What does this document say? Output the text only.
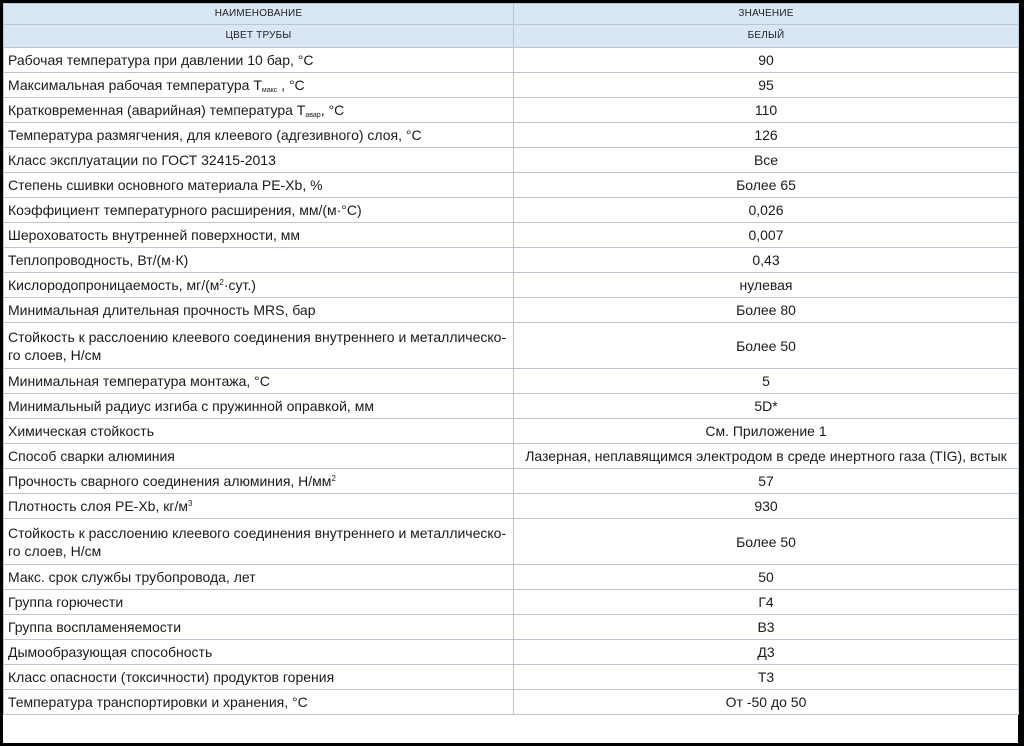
НАИМЕНОВАНИЕ	ЗНАЧЕНИЕ
ЦВЕТ ТРУБЫ	БЕЛЫЙ
Рабочая температура при давлении 10 бар, °С	90
Максимальная рабочая температура $Т_{макс}$ , °С	95
Кратковременная (аварийная) температура $Т_{авар}$, °С	110
Температура размягчения, для клеевого (адгезивного) слоя, °С	126
Класс эксплуатации по ГОСТ 32415-2013	Все
Степень сшивки основного материала PE-Xb, %	Более 65
Коэффициент температурного расширения, мм/(м·°С)	0,026
Шероховатость внутренней поверхности, мм	0,007
Теплопроводность, Вт/(м·К)	0,43
Кислородопроницаемость, $мг/(м^2\cdot сут.)$	нулевая
Минимальная длительная прочность MRS, бар	Более 80
Стойкость к расслоению клеевого соединения внутреннего и металлическо-го слоев, Н/см	Более 50
Минимальная температура монтажа, °С	5
Минимальный радиус изгиба с пружинной оправкой, мм	5D*
Химическая стойкость	См. Приложение 1
Способ сварки алюминия	Лазерная, неплавящимся электродом в среде инертного газа (TIG), встык
Прочность сварного соединения алюминия, $Н/мм^2$	57
Плотность слоя PE-Xb, $кг/м^3$	930
Стойкость к расслоению клеевого соединения внутреннего и металлическо-го слоев, Н/см	Более 50
Макс. срок службы трубопровода, лет	50
Группа горючести	Г4
Группа воспламеняемости	В3
Дымообразующая способность	Д3
Класс опасности (токсичности) продуктов горения	Т3
Температура транспортировки и хранения, °С	От -50 до 50
